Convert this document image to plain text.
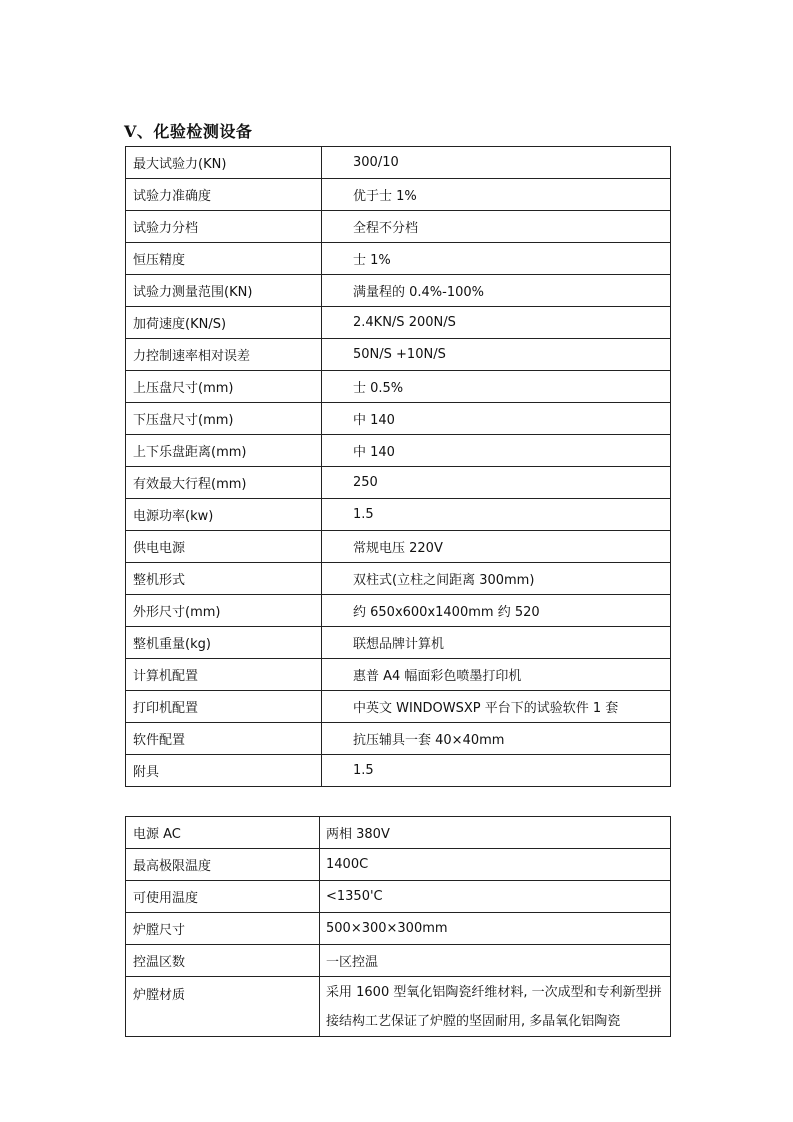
V、化验检测设备
最大试验力(KN)	300/10
试验力准确度	优于士 1%
试验力分档	全程不分档
恒压精度	士 1%
试验力测量范围(KN)	满量程的 0.4%-100%
加荷速度(KN/S)	2.4KN/S 200N/S
力控制速率相对误差	50N/S +10N/S
上压盘尺寸(mm)	士 0.5%
下压盘尺寸(mm)	中 140
上下乐盘距离(mm)	中 140
有效最大行程(mm)	250
电源功率(kw)	1.5
供电电源	常规电压 220V
整机形式	双柱式(立柱之间距离 300mm)
外形尺寸(mm)	约 650x600x1400mm 约 520
整机重量(kg)	联想品牌计算机
计算机配置	惠普 A4 幅面彩色喷墨打印机
打印机配置	中英文 WINDOWSXP 平台下的试验软件 1 套
软件配置	抗压辅具一套 40×40mm
附具	1.5
电源 AC	两相 380V
最高极限温度	1400C
可使用温度	<1350'C
炉膛尺寸	500×300×300mm
控温区数	一区控温
炉膛材质	采用 1600 型氧化铝陶瓷纤维材料, 一次成型和专利新型拼接结构工艺保证了炉膛的坚固耐用, 多晶氧化铝陶瓷
